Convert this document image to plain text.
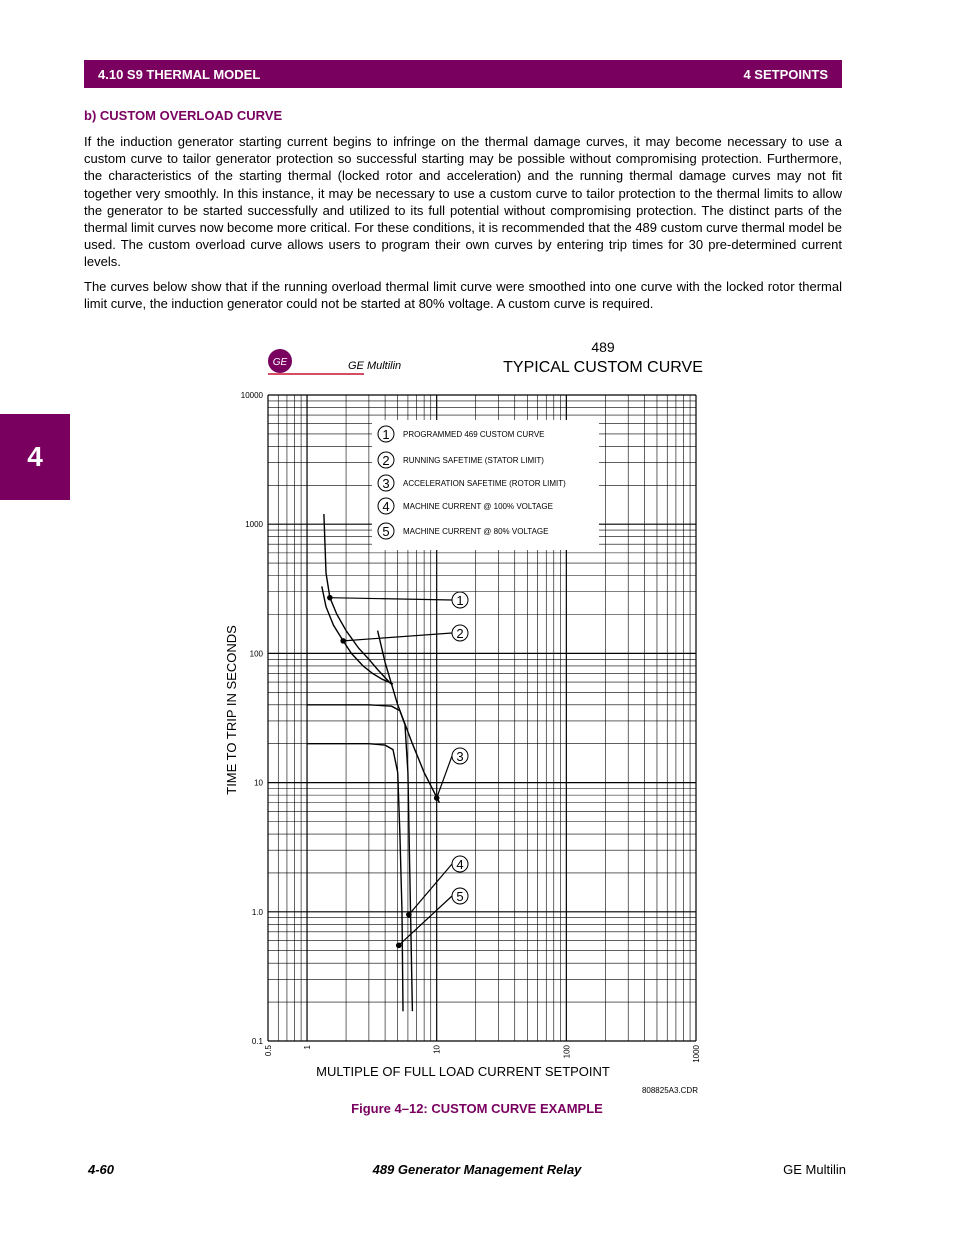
4.10 S9 THERMAL MODEL	4 SETPOINTS
4
b) CUSTOM OVERLOAD CURVE

If the induction generator starting current begins to infringe on the thermal damage curves, it may become necessary to use a custom curve to tailor generator protection so successful starting may be possible without compromising protection. Furthermore, the characteristics of the starting thermal (locked rotor and acceleration) and the running thermal damage curves may not fit together very smoothly. In this instance, it may be necessary to use a custom curve to tailor protection to the thermal limits to allow the generator to be started successfully and utilized to its full potential without compromising protection. The distinct parts of the thermal limit curves now become more critical. For these conditions, it is recommended that the 489 custom curve thermal model be used. The custom overload curve allows users to program their own curves by entering trip times for 30 pre-determined current levels.

The curves below show that if the running overload thermal limit curve were smoothed into one curve with the locked rotor thermal limit curve, the induction generator could not be started at 80% voltage. A custom curve is required.

GE	GE Multilin
489
TYPICAL CUSTOM CURVE
10000
1000
100
10
1.0
0.1
0.5	1	10	100	1000
1 PROGRAMMED 469 CUSTOM CURVE
2 RUNNING SAFETIME (STATOR LIMIT)
3 ACCELERATION SAFETIME (ROTOR LIMIT)
4 MACHINE CURRENT @ 100% VOLTAGE
5 MACHINE CURRENT @ 80% VOLTAGE
1
2
3
4
5
MULTIPLE OF FULL LOAD CURRENT SETPOINT
TIME TO TRIP IN SECONDS
808825A3.CDR
Figure 4–12: CUSTOM CURVE EXAMPLE
4-60	489 Generator Management Relay	GE Multilin
